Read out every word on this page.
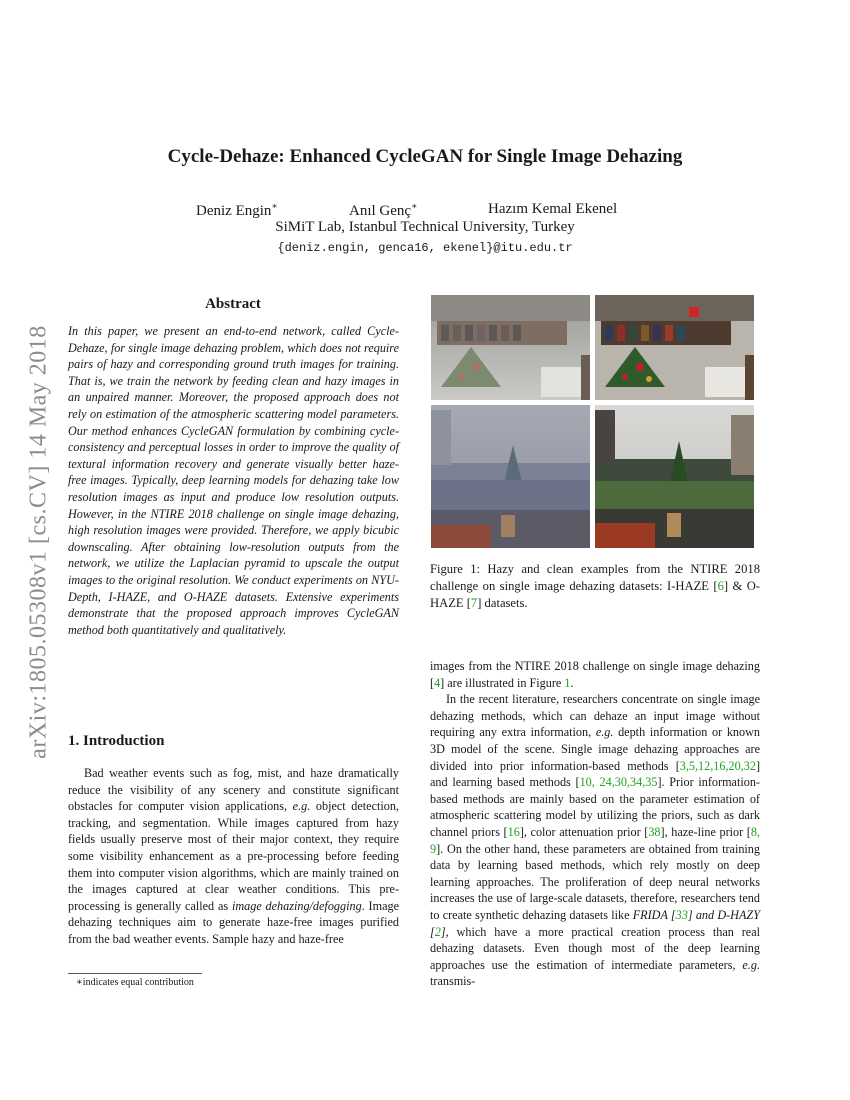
Cycle-Dehaze: Enhanced CycleGAN for Single Image Dehazing
Deniz Engin∗	Anıl Genç∗	Hazım Kemal Ekenel
SiMiT Lab, Istanbul Technical University, Turkey
{deniz.engin, genca16, ekenel}@itu.edu.tr
arXiv:1805.05308v1 [cs.CV] 14 May 2018
Abstract
In this paper, we present an end-to-end network, called Cycle-Dehaze, for single image dehazing problem, which does not require pairs of hazy and corresponding ground truth images for training. That is, we train the network by feeding clean and hazy images in an unpaired manner. Moreover, the proposed approach does not rely on estimation of the atmospheric scattering model parameters. Our method enhances CycleGAN formulation by combining cycle-consistency and perceptual losses in order to improve the quality of textural information recovery and generate visually better haze-free images. Typically, deep learning models for dehazing take low resolution images as input and produce low resolution outputs. However, in the NTIRE 2018 challenge on single image dehazing, high resolution images were provided. Therefore, we apply bicubic downscaling. After obtaining low-resolution outputs from the network, we utilize the Laplacian pyramid to upscale the output images to the original resolution. We conduct experiments on NYU-Depth, I-HAZE, and O-HAZE datasets. Extensive experiments demonstrate that the proposed approach improves CycleGAN method both quantitatively and qualitatively.
1. Introduction
Bad weather events such as fog, mist, and haze dramatically reduce the visibility of any scenery and constitute significant obstacles for computer vision applications, e.g. object detection, tracking, and segmentation. While images captured from hazy fields usually preserve most of their major context, they require some visibility enhancement as a pre-processing before feeding them into computer vision algorithms, which are mainly trained on the images captured at clear weather conditions. This pre-processing is generally called as image dehazing/defogging. Image dehazing techniques aim to generate haze-free images purified from the bad weather events. Sample hazy and haze-free
∗indicates equal contribution
Figure 1: Hazy and clean examples from the NTIRE 2018 challenge on single image dehazing datasets: I-HAZE [6] & O-HAZE [7] datasets.
images from the NTIRE 2018 challenge on single image dehazing [4] are illustrated in Figure 1.
In the recent literature, researchers concentrate on single image dehazing methods, which can dehaze an input image without requiring any extra information, e.g. depth information or known 3D model of the scene. Single image dehazing approaches are divided into prior information-based methods [3,5,12,16,20,32] and learning based methods [10, 24,30,34,35]. Prior information-based methods are mainly based on the parameter estimation of atmospheric scattering model by utilizing the priors, such as dark channel priors [16], color attenuation prior [38], haze-line prior [8, 9]. On the other hand, these parameters are obtained from training data by learning based methods, which rely mostly on deep learning approaches. The proliferation of deep neural networks increases the use of large-scale datasets, therefore, researchers tend to create synthetic dehazing datasets like FRIDA [33] and D-HAZY [2], which have a more practical creation process than real dehazing datasets. Even though most of the deep learning approaches use the estimation of intermediate parameters, e.g. transmis-
